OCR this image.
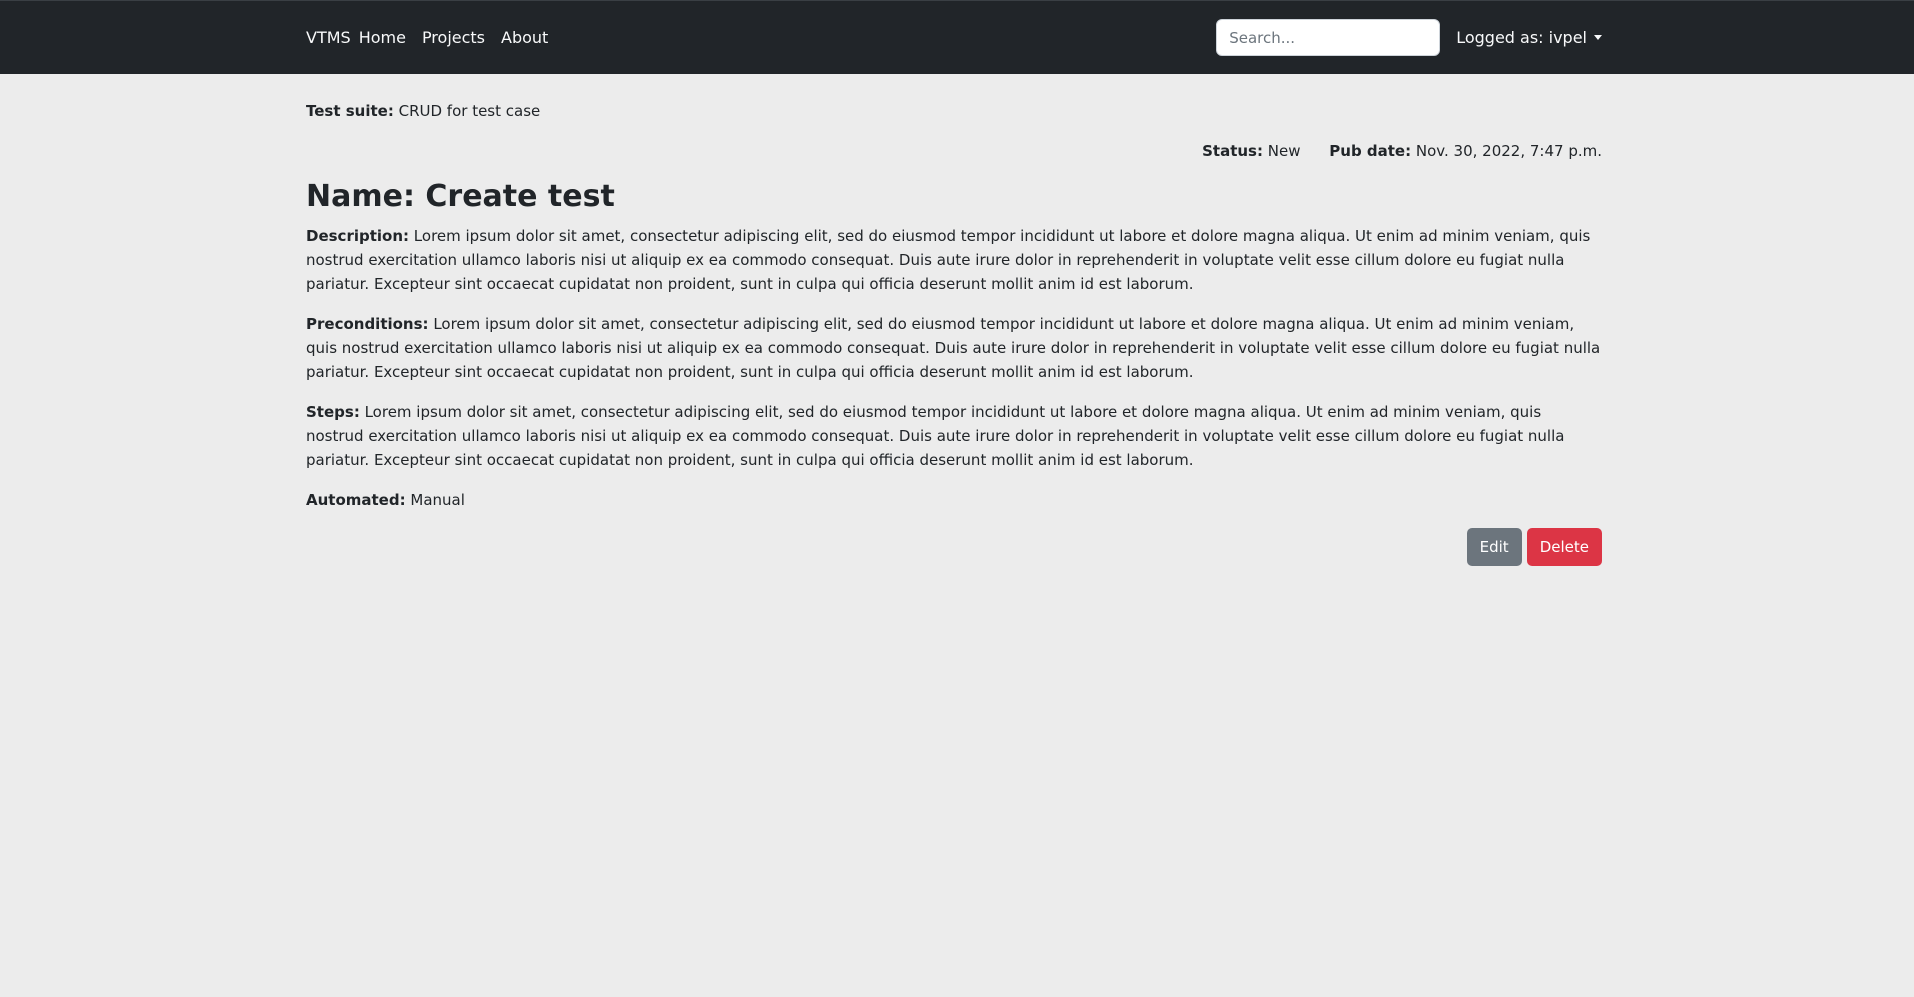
VTMS Home Projects About
Search...	Logged as: ivpel
Test suite: CRUD for test case
Status: New Pub date: Nov. 30, 2022, 7:47 p.m.
Name: Create test

Description: Lorem ipsum dolor sit amet, consectetur adipiscing elit, sed do eiusmod tempor incididunt ut labore et dolore magna aliqua. Ut enim ad minim veniam, quis nostrud exercitation ullamco laboris nisi ut aliquip ex ea commodo consequat. Duis aute irure dolor in reprehenderit in voluptate velit esse cillum dolore eu fugiat nulla pariatur. Excepteur sint occaecat cupidatat non proident, sunt in culpa qui officia deserunt mollit anim id est laborum.

Preconditions: Lorem ipsum dolor sit amet, consectetur adipiscing elit, sed do eiusmod tempor incididunt ut labore et dolore magna aliqua. Ut enim ad minim veniam, quis nostrud exercitation ullamco laboris nisi ut aliquip ex ea commodo consequat. Duis aute irure dolor in reprehenderit in voluptate velit esse cillum dolore eu fugiat nulla pariatur. Excepteur sint occaecat cupidatat non proident, sunt in culpa qui officia deserunt mollit anim id est laborum.

Steps: Lorem ipsum dolor sit amet, consectetur adipiscing elit, sed do eiusmod tempor incididunt ut labore et dolore magna aliqua. Ut enim ad minim veniam, quis nostrud exercitation ullamco laboris nisi ut aliquip ex ea commodo consequat. Duis aute irure dolor in reprehenderit in voluptate velit esse cillum dolore eu fugiat nulla pariatur. Excepteur sint occaecat cupidatat non proident, sunt in culpa qui officia deserunt mollit anim id est laborum.

Automated: Manual

Edit	Delete
